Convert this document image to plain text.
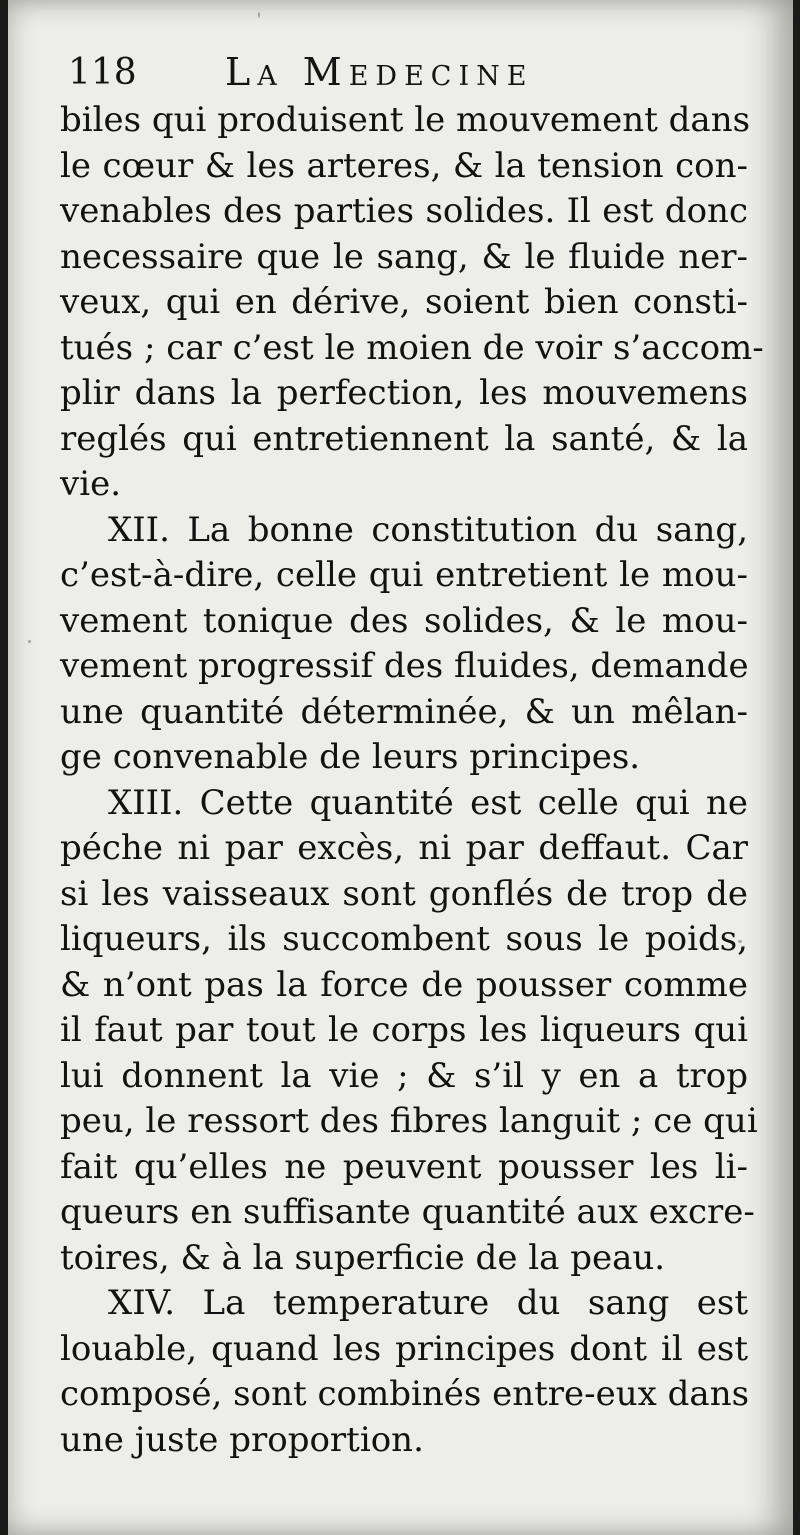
118 La Medecine
biles qui produisent le mouvement dans
le cœur & les arteres, & la tension con-
venables des parties solides. Il est donc
necessaire que le sang, & le fluide ner-
veux, qui en dérive, soient bien consti-
tués ; car c’est le moien de voir s’accom-
plir dans la perfection, les mouvemens
reglés qui entretiennent la santé, & la
vie.
XII. La bonne constitution du sang,
c’est-à-dire, celle qui entretient le mou-
vement tonique des solides, & le mou-
vement progressif des fluides, demande
une quantité déterminée, & un mêlan-
ge convenable de leurs principes.
XIII. Cette quantité est celle qui ne
péche ni par excès, ni par deffaut. Car
si les vaisseaux sont gonflés de trop de
liqueurs, ils succombent sous le poids,
& n’ont pas la force de pousser comme
il faut par tout le corps les liqueurs qui
lui donnent la vie ; & s’il y en a trop
peu, le ressort des fibres languit ; ce qui
fait qu’elles ne peuvent pousser les li-
queurs en suffisante quantité aux excre-
toires, & à la superficie de la peau.
XIV. La temperature du sang est
louable, quand les principes dont il est
composé, sont combinés entre-eux dans
une juste proportion.
